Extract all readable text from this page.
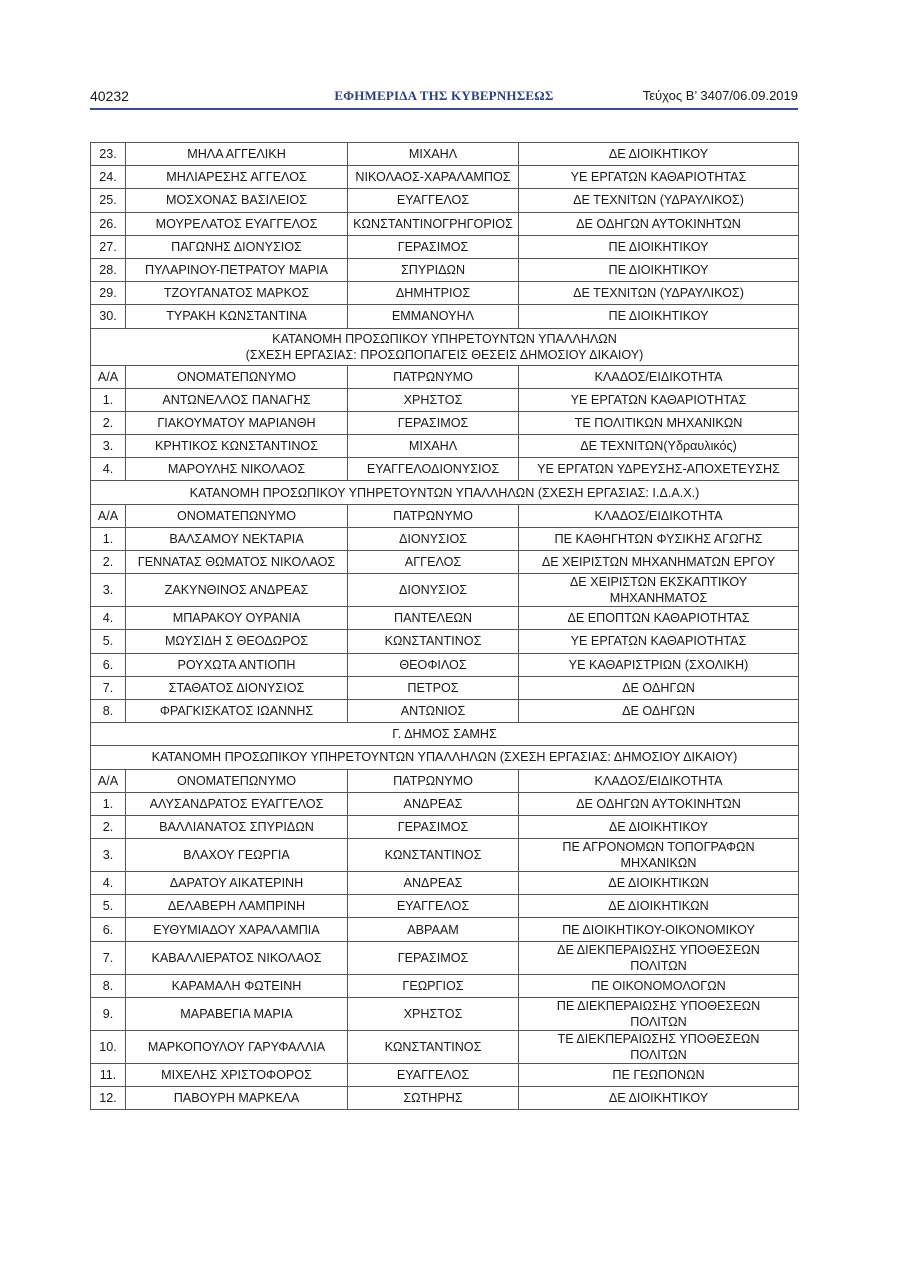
40232	ΕΦΗΜΕΡΙΔΑ ΤΗΣ ΚΥΒΕΡΝΗΣΕΩΣ	Τεύχος Β’ 3407/06.09.2019
23.	ΜΗΛΑ ΑΓΓΕΛΙΚΗ	ΜΙΧΑΗΛ	ΔΕ ΔΙΟΙΚΗΤΙΚΟΥ
24.	ΜΗΛΙΑΡΕΣΗΣ ΑΓΓΕΛΟΣ	ΝΙΚΟΛΑΟΣ-ΧΑΡΑΛΑΜΠΟΣ	ΥΕ ΕΡΓΑΤΩΝ ΚΑΘΑΡΙΟΤΗΤΑΣ
25.	ΜΟΣΧΟΝΑΣ ΒΑΣΙΛΕΙΟΣ	ΕΥΑΓΓΕΛΟΣ	ΔΕ ΤΕΧΝΙΤΩΝ (ΥΔΡΑΥΛΙΚΟΣ)
26.	ΜΟΥΡΕΛΑΤΟΣ ΕΥΑΓΓΕΛΟΣ	ΚΩΝΣΤΑΝΤΙΝΟΓΡΗΓΟΡΙΟΣ	ΔΕ ΟΔΗΓΩΝ ΑΥΤΟΚΙΝΗΤΩΝ
27.	ΠΑΓΩΝΗΣ ΔΙΟΝΥΣΙΟΣ	ΓΕΡΑΣΙΜΟΣ	ΠΕ ΔΙΟΙΚΗΤΙΚΟΥ
28.	ΠΥΛΑΡΙΝΟΥ-ΠΕΤΡΑΤΟΥ ΜΑΡΙΑ	ΣΠΥΡΙΔΩΝ	ΠΕ ΔΙΟΙΚΗΤΙΚΟΥ
29.	ΤΖΟΥΓΑΝΑΤΟΣ ΜΑΡΚΟΣ	ΔΗΜΗΤΡΙΟΣ	ΔΕ ΤΕΧΝΙΤΩΝ (ΥΔΡΑΥΛΙΚΟΣ)
30.	ΤΥΡΑΚΗ ΚΩΝΣΤΑΝΤΙΝΑ	ΕΜΜΑΝΟΥΗΛ	ΠΕ ΔΙΟΙΚΗΤΙΚΟΥ

ΚΑΤΑΝΟΜΗ ΠΡΟΣΩΠΙΚΟΥ ΥΠΗΡΕΤΟΥΝΤΩΝ ΥΠΑΛΛΗΛΩΝ
(ΣΧΕΣΗ ΕΡΓΑΣΙΑΣ: ΠΡΟΣΩΠΟΠΑΓΕΙΣ ΘΕΣΕΙΣ ΔΗΜΟΣΙΟΥ ΔΙΚΑΙΟΥ)			

Α/Α	ΟΝΟΜΑΤΕΠΩΝΥΜΟ	ΠΑΤΡΩΝΥΜΟ	ΚΛΑΔΟΣ/ΕΙΔΙΚΟΤΗΤΑ
1.	ΑΝΤΩΝΕΛΛΟΣ ΠΑΝΑΓΗΣ	ΧΡΗΣΤΟΣ	ΥΕ ΕΡΓΑΤΩΝ ΚΑΘΑΡΙΟΤΗΤΑΣ
2.	ΓΙΑΚΟΥΜΑΤΟΥ ΜΑΡΙΑΝΘΗ	ΓΕΡΑΣΙΜΟΣ	ΤΕ ΠΟΛΙΤΙΚΩΝ ΜΗΧΑΝΙΚΩΝ
3.	ΚΡΗΤΙΚΟΣ ΚΩΝΣΤΑΝΤΙΝΟΣ	ΜΙΧΑΗΛ	ΔΕ ΤΕΧΝΙΤΩΝ(Υδραυλικός)
4.	ΜΑΡΟΥΛΗΣ ΝΙΚΟΛΑΟΣ	ΕΥΑΓΓΕΛΟΔΙΟΝΥΣΙΟΣ	ΥΕ ΕΡΓΑΤΩΝ ΥΔΡΕΥΣΗΣ-ΑΠΟΧΕΤΕΥΣΗΣ

ΚΑΤΑΝΟΜΗ ΠΡΟΣΩΠΙΚΟΥ ΥΠΗΡΕΤΟΥΝΤΩΝ ΥΠΑΛΛΗΛΩΝ (ΣΧΕΣΗ ΕΡΓΑΣΙΑΣ: Ι.Δ.Α.Χ.)			

Α/Α	ΟΝΟΜΑΤΕΠΩΝΥΜΟ	ΠΑΤΡΩΝΥΜΟ	ΚΛΑΔΟΣ/ΕΙΔΙΚΟΤΗΤΑ
1.	ΒΑΛΣΑΜΟΥ ΝΕΚΤΑΡΙΑ	ΔΙΟΝΥΣΙΟΣ	ΠΕ ΚΑΘΗΓΗΤΩΝ ΦΥΣΙΚΗΣ ΑΓΩΓΗΣ
2.	ΓΕΝΝΑΤΑΣ ΘΩΜΑΤΟΣ ΝΙΚΟΛΑΟΣ	ΑΓΓΕΛΟΣ	ΔΕ ΧΕΙΡΙΣΤΩΝ ΜΗΧΑΝΗΜΑΤΩΝ ΕΡΓΟΥ
3.	ΖΑΚΥΝΘΙΝΟΣ ΑΝΔΡΕΑΣ	ΔΙΟΝΥΣΙΟΣ	ΔΕ ΧΕΙΡΙΣΤΩΝ ΕΚΣΚΑΠΤΙΚΟΥ
ΜΗΧΑΝΗΜΑΤΟΣ

4.	ΜΠΑΡΑΚΟΥ ΟΥΡΑΝΙΑ	ΠΑΝΤΕΛΕΩΝ	ΔΕ ΕΠΟΠΤΩΝ ΚΑΘΑΡΙΟΤΗΤΑΣ
5.	ΜΩΥΣΙΔΗ Σ ΘΕΟΔΩΡΟΣ	ΚΩΝΣΤΑΝΤΙΝΟΣ	ΥΕ ΕΡΓΑΤΩΝ ΚΑΘΑΡΙΟΤΗΤΑΣ
6.	ΡΟΥΧΩΤΑ ΑΝΤΙΟΠΗ	ΘΕΟΦΙΛΟΣ	ΥΕ ΚΑΘΑΡΙΣΤΡΙΩΝ (ΣΧΟΛΙΚΗ)
7.	ΣΤΑΘΑΤΟΣ ΔΙΟΝΥΣΙΟΣ	ΠΕΤΡΟΣ	ΔΕ ΟΔΗΓΩΝ
8.	ΦΡΑΓΚΙΣΚΑΤΟΣ ΙΩΑΝΝΗΣ	ΑΝΤΩΝΙΟΣ	ΔΕ ΟΔΗΓΩΝ

Γ. ΔΗΜΟΣ ΣΑΜΗΣ			

ΚΑΤΑΝΟΜΗ ΠΡΟΣΩΠΙΚΟΥ ΥΠΗΡΕΤΟΥΝΤΩΝ ΥΠΑΛΛΗΛΩΝ (ΣΧΕΣΗ ΕΡΓΑΣΙΑΣ: ΔΗΜΟΣΙΟΥ ΔΙΚΑΙΟΥ)			

Α/Α	ΟΝΟΜΑΤΕΠΩΝΥΜΟ	ΠΑΤΡΩΝΥΜΟ	ΚΛΑΔΟΣ/ΕΙΔΙΚΟΤΗΤΑ
1.	ΑΛΥΣΑΝΔΡΑΤΟΣ ΕΥΑΓΓΕΛΟΣ	ΑΝΔΡΕΑΣ	ΔΕ ΟΔΗΓΩΝ ΑΥΤΟΚΙΝΗΤΩΝ
2.	ΒΑΛΛΙΑΝΑΤΟΣ ΣΠΥΡΙΔΩΝ	ΓΕΡΑΣΙΜΟΣ	ΔΕ ΔΙΟΙΚΗΤΙΚΟΥ
3.	ΒΛΑΧΟΥ ΓΕΩΡΓΙΑ	ΚΩΝΣΤΑΝΤΙΝΟΣ	ΠΕ ΑΓΡΟΝΟΜΩΝ ΤΟΠΟΓΡΑΦΩΝ
ΜΗΧΑΝΙΚΩΝ

4.	ΔΑΡΑΤΟΥ ΑΙΚΑΤΕΡΙΝΗ	ΑΝΔΡΕΑΣ	ΔΕ ΔΙΟΙΚΗΤΙΚΩΝ
5.	ΔΕΛΑΒΕΡΗ ΛΑΜΠΡΙΝΗ	ΕΥΑΓΓΕΛΟΣ	ΔΕ ΔΙΟΙΚΗΤΙΚΩΝ
6.	ΕΥΘΥΜΙΑΔΟΥ ΧΑΡΑΛΑΜΠΙΑ	ΑΒΡΑΑΜ	ΠΕ ΔΙΟΙΚΗΤΙΚΟΥ-ΟΙΚΟΝΟΜΙΚΟΥ
7.	ΚΑΒΑΛΛΙΕΡΑΤΟΣ ΝΙΚΟΛΑΟΣ	ΓΕΡΑΣΙΜΟΣ	ΔΕ ΔΙΕΚΠΕΡΑΙΩΣΗΣ ΥΠΟΘΕΣΕΩΝ
ΠΟΛΙΤΩΝ

8.	ΚΑΡΑΜΑΛΗ ΦΩΤΕΙΝΗ	ΓΕΩΡΓΙΟΣ	ΠΕ ΟΙΚΟΝΟΜΟΛΟΓΩΝ
9.	ΜΑΡΑΒΕΓΙΑ ΜΑΡΙΑ	ΧΡΗΣΤΟΣ	ΠΕ ΔΙΕΚΠΕΡΑΙΩΣΗΣ ΥΠΟΘΕΣΕΩΝ
ΠΟΛΙΤΩΝ

10.	ΜΑΡΚΟΠΟΥΛΟΥ ΓΑΡΥΦΑΛΛΙΑ	ΚΩΝΣΤΑΝΤΙΝΟΣ	ΤΕ ΔΙΕΚΠΕΡΑΙΩΣΗΣ ΥΠΟΘΕΣΕΩΝ
ΠΟΛΙΤΩΝ

11.	ΜΙΧΕΛΗΣ ΧΡΙΣΤΟΦΟΡΟΣ	ΕΥΑΓΓΕΛΟΣ	ΠΕ ΓΕΩΠΟΝΩΝ
12.	ΠΑΒΟΥΡΗ ΜΑΡΚΕΛΑ	ΣΩΤΗΡΗΣ	ΔΕ ΔΙΟΙΚΗΤΙΚΟΥ
